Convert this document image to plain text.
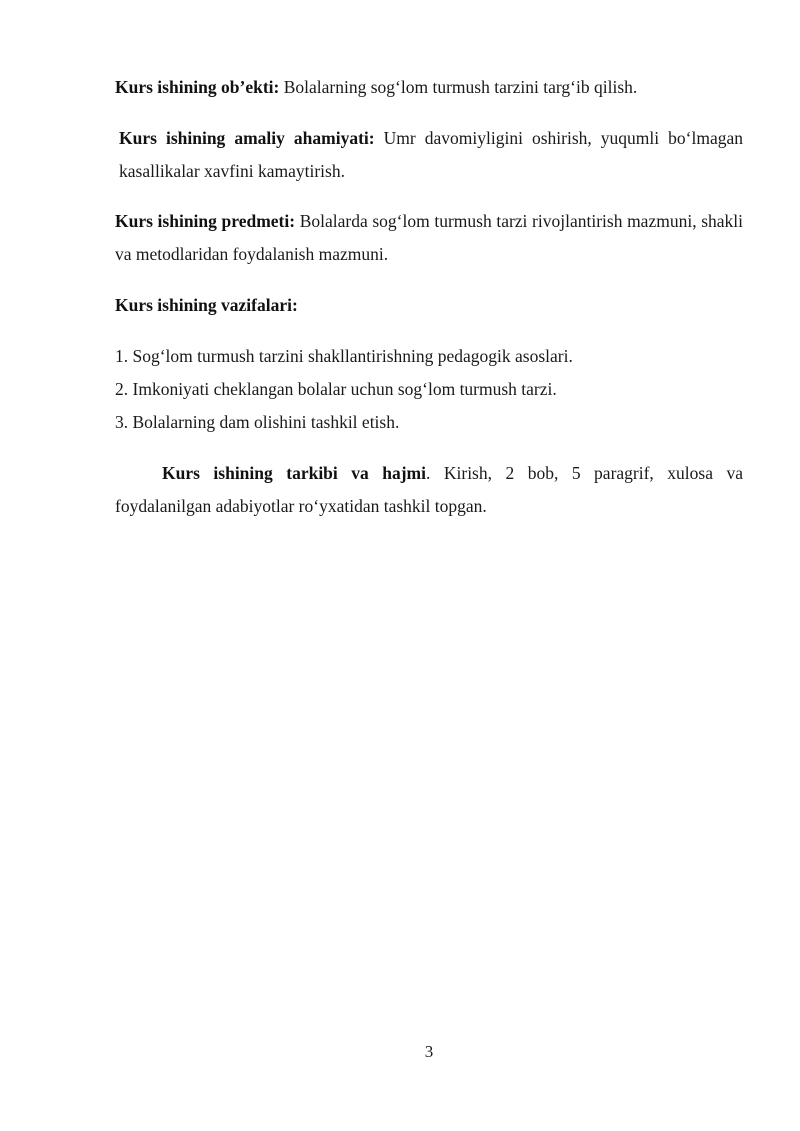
Kurs ishining ob’ekti: Bolalarning sog‘lom turmush tarzini targ‘ib qilish.

Kurs ishining amaliy ahamiyati: Umr davomiyligini oshirish, yuqumli bo‘lmagan kasallikalar xavfini kamaytirish.

Kurs ishining predmeti: Bolalarda sog‘lom turmush tarzi rivojlantirish mazmuni, shakli va metodlaridan foydalanish mazmuni.

Kurs ishining vazifalari:

1. Sog‘lom turmush tarzini shakllantirishning pedagogik asoslari.

2. Imkoniyati cheklangan bolalar uchun sog‘lom turmush tarzi.

3. Bolalarning dam olishini tashkil etish.

Kurs ishining tarkibi va hajmi. Kirish, 2 bob, 5 paragrif, xulosa va foydalanilgan adabiyotlar ro‘yxatidan tashkil topgan.

3
